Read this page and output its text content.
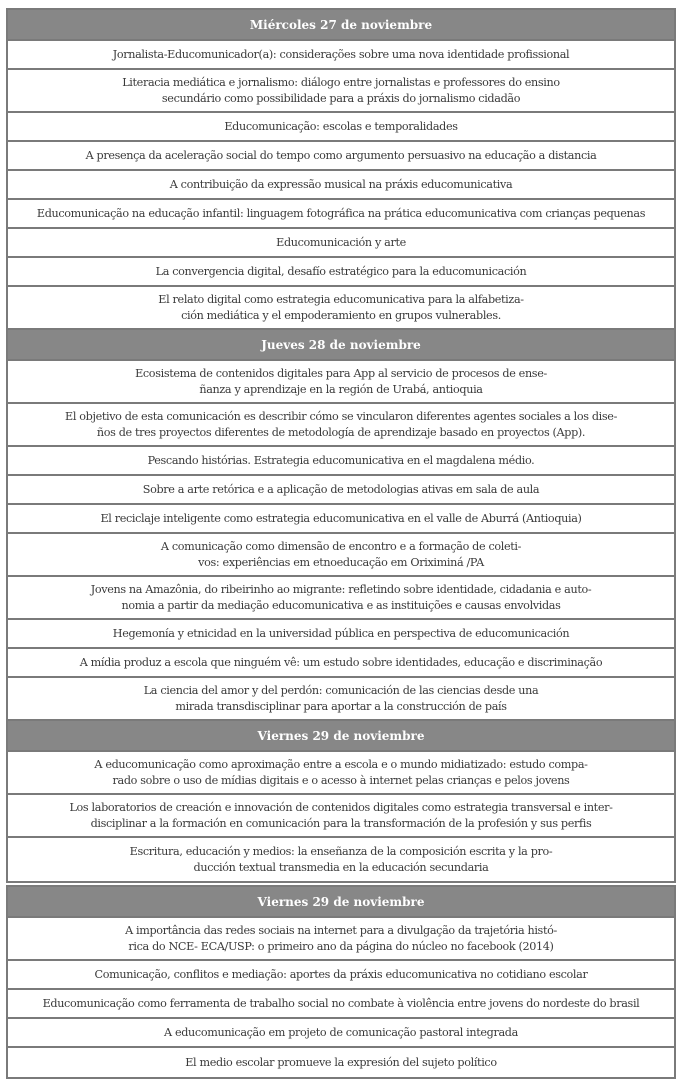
Miércoles 27 de noviembre
Jornalista-Educomunicador(a): considerações sobre uma nova identidade profissional
Literacia mediática e jornalismo: diálogo entre jornalistas e professores do ensino
secundário como possibilidade para a práxis do jornalismo cidadão
Educomunicação: escolas e temporalidades
A presença da aceleração social do tempo como argumento persuasivo na educação a distancia
A contribuição da expressão musical na práxis educomunicativa
Educomunicação na educação infantil: linguagem fotográfica na prática educomunicativa com crianças pequenas
Educomunicación y arte
La convergencia digital, desafío estratégico para la educomunicación
El relato digital como estrategia educomunicativa para la alfabetiza-
ción mediática y el empoderamiento en grupos vulnerables.
Jueves 28 de noviembre
Ecosistema de contenidos digitales para App al servicio de procesos de ense-
ñanza y aprendizaje en la región de Urabá, antioquia
El objetivo de esta comunicación es describir cómo se vincularon diferentes agentes sociales a los dise-
ños de tres proyectos diferentes de metodología de aprendizaje basado en proyectos (App).
Pescando histórias. Estrategia educomunicativa en el magdalena médio.
Sobre a arte retórica e a aplicação de metodologias ativas em sala de aula
El reciclaje inteligente como estrategia educomunicativa en el valle de Aburrá (Antioquia)
A comunicação como dimensão de encontro e a formação de coleti-
vos: experiências em etnoeducação em Oriximiná /PA
Jovens na Amazônia, do ribeirinho ao migrante: refletindo sobre identidade, cidadania e auto-
nomia a partir da mediação educomunicativa e as instituições e causas envolvidas
Hegemonía y etnicidad en la universidad pública en perspectiva de educomunicación
A mídia produz a escola que ninguém vê: um estudo sobre identidades, educação e discriminação
La ciencia del amor y del perdón: comunicación de las ciencias desde una
mirada transdisciplinar para aportar a la construcción de país
Viernes 29 de noviembre
A educomunicação como aproximação entre a escola e o mundo midiatizado: estudo compa-
rado sobre o uso de mídias digitais e o acesso à internet pelas crianças e pelos jovens
Los laboratorios de creación e innovación de contenidos digitales como estrategia transversal e inter-
disciplinar a la formación en comunicación para la transformación de la profesión y sus perfis
Escritura, educación y medios: la enseñanza de la composición escrita y la pro-
ducción textual transmedia en la educación secundaria
Viernes 29 de noviembre
A importância das redes sociais na internet para a divulgação da trajetória histó-
rica do NCE- ECA/USP: o primeiro ano da página do núcleo no facebook (2014)
Comunicação, conflitos e mediação: aportes da práxis educomunicativa no cotidiano escolar
Educomunicação como ferramenta de trabalho social no combate à violência entre jovens do nordeste do brasil
A educomunicação em projeto de comunicação pastoral integrada
El medio escolar promueve la expresión del sujeto político
